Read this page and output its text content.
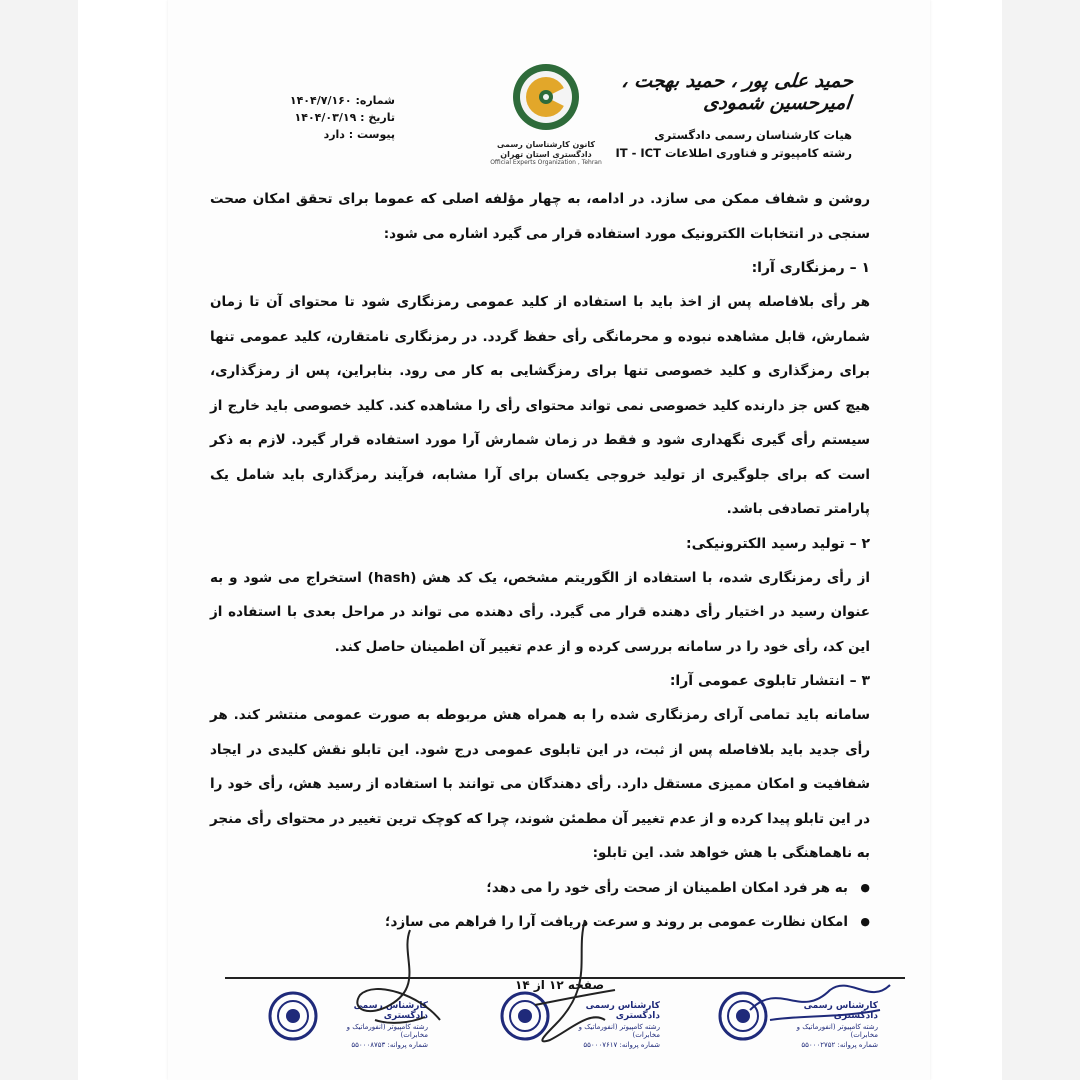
حمید علی پور ، حمید بهجت ، امیرحسین شمودی
هیات کارشناسان رسمی دادگستری
رشته کامپیوتر و فناوری اطلاعات IT - ICT
کانون کارشناسان رسمی دادگستری استان تهران
Official Experts Organization , Tehran
شماره: ۱۴۰۴/۷/۱۶۰
تاریخ : ۱۴۰۴/۰۳/۱۹
پیوست : دارد

روشن و شفاف ممکن می سازد. در ادامه، به چهار مؤلفه اصلی که عموما برای تحقق امکان صحت سنجی در انتخابات الکترونیک مورد استفاده قرار می گیرد اشاره می شود:

۱ – رمزنگاری آرا:

هر رأی بلافاصله پس از اخذ باید با استفاده از کلید عمومی رمزنگاری شود تا محتوای آن تا زمان شمارش، قابل مشاهده نبوده و محرمانگی رأی حفظ گردد. در رمزنگاری نامتقارن، کلید عمومی تنها برای رمزگذاری و کلید خصوصی تنها برای رمزگشایی به کار می رود. بنابراین، پس از رمزگذاری، هیچ کس جز دارنده کلید خصوصی نمی تواند محتوای رأی را مشاهده کند. کلید خصوصی باید خارج از سیستم رأی گیری نگهداری شود و فقط در زمان شمارش آرا مورد استفاده قرار گیرد. لازم به ذکر است که برای جلوگیری از تولید خروجی یکسان برای آرا مشابه، فرآیند رمزگذاری باید شامل یک پارامتر تصادفی باشد.

۲ – تولید رسید الکترونیکی:

از رأی رمزنگاری شده، با استفاده از الگوریتم مشخص، یک کد هش (hash) استخراج می شود و به عنوان رسید در اختیار رأی دهنده قرار می گیرد. رأی دهنده می تواند در مراحل بعدی با استفاده از این کد، رأی خود را در سامانه بررسی کرده و از عدم تغییر آن اطمینان حاصل کند.

۳ – انتشار تابلوی عمومی آرا:

سامانه باید تمامی آرای رمزنگاری شده را به همراه هش مربوطه به صورت عمومی منتشر کند. هر رأی جدید باید بلافاصله پس از ثبت، در این تابلوی عمومی درج شود. این تابلو نقش کلیدی در ایجاد شفافیت و امکان ممیزی مستقل دارد. رأی دهندگان می توانند با استفاده از رسید هش، رأی خود را در این تابلو پیدا کرده و از عدم تغییر آن مطمئن شوند، چرا که کوچک ترین تغییر در محتوای رأی منجر به ناهماهنگی با هش خواهد شد. این تابلو:

● به هر فرد امکان اطمینان از صحت رأی خود را می دهد؛
● امکان نظارت عمومی بر روند و سرعت دریافت آرا را فراهم می سازد؛
صفحه ۱۲ از ۱۴
کارشناس رسمی دادگستری
رشته کامپیوتر (انفورماتیک و مخابرات)
شماره پروانه: ۵۵۰۰۰۸۷۵۳
کارشناس رسمی دادگستری
رشته کامپیوتر (انفورماتیک و مخابرات)
شماره پروانه: ۵۵۰۰۰۷۶۱۷
کارشناس رسمی دادگستری
رشته کامپیوتر (انفورماتیک و مخابرات)
شماره پروانه: ۵۵۰۰۰۲۷۵۲
